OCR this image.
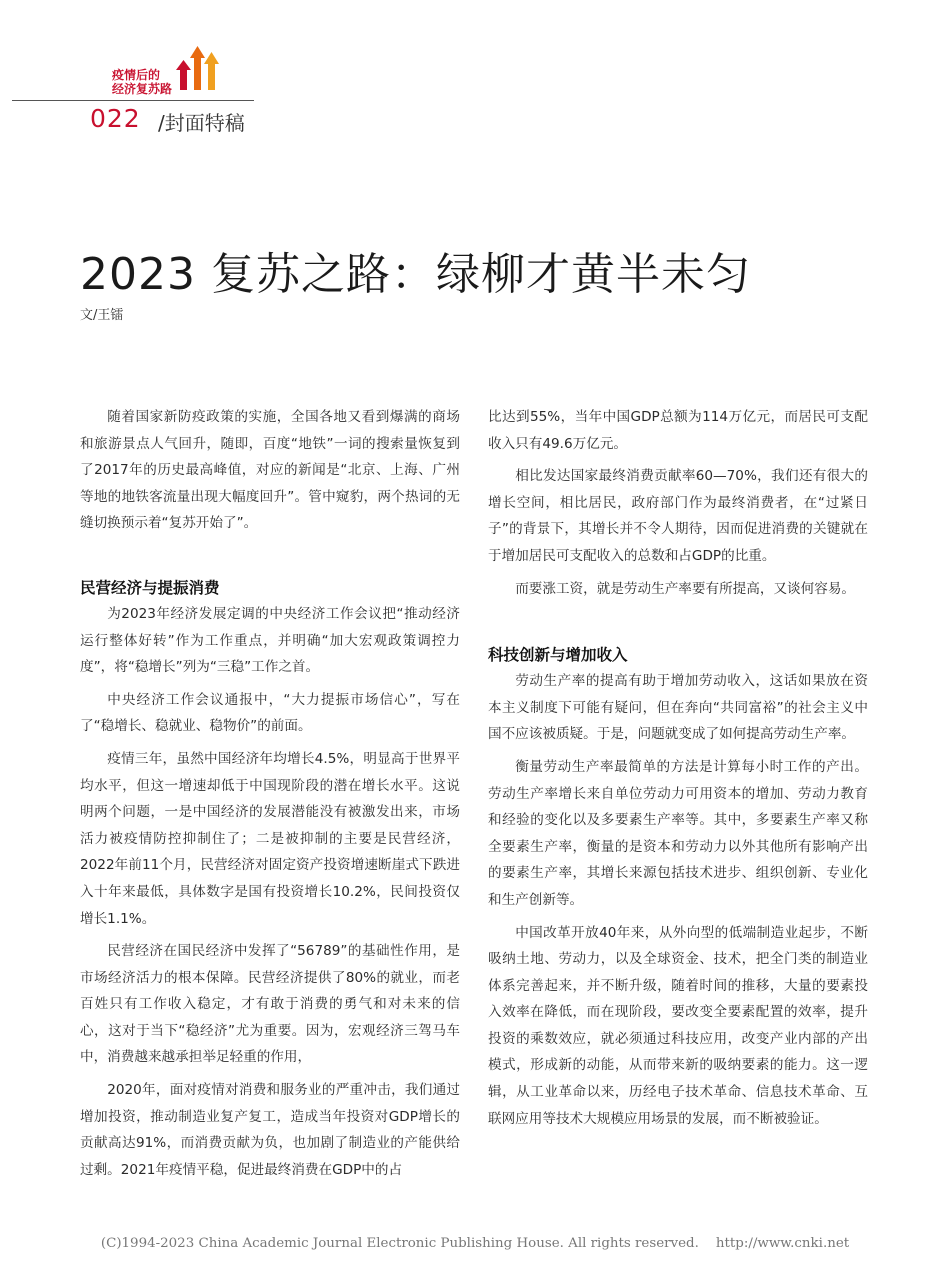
疫情后的
经济复苏路
022 /封面特稿
2023 复苏之路：绿柳才黄半未匀
文/王镭

随着国家新防疫政策的实施，全国各地又看到爆满的商场和旅游景点人气回升，随即，百度“地铁”一词的搜索量恢复到了2017年的历史最高峰值，对应的新闻是“北京、上海、广州等地的地铁客流量出现大幅度回升”。管中窥豹，两个热词的无缝切换预示着“复苏开始了”。

民营经济与提振消费

为2023年经济发展定调的中央经济工作会议把“推动经济运行整体好转”作为工作重点，并明确“加大宏观政策调控力度”，将“稳增长”列为“三稳”工作之首。

中央经济工作会议通报中，“大力提振市场信心”，写在了“稳增长、稳就业、稳物价”的前面。

疫情三年，虽然中国经济年均增长4.5%，明显高于世界平均水平，但这一增速却低于中国现阶段的潜在增长水平。这说明两个问题，一是中国经济的发展潜能没有被激发出来，市场活力被疫情防控抑制住了；二是被抑制的主要是民营经济，2022年前11个月，民营经济对固定资产投资增速断崖式下跌进入十年来最低，具体数字是国有投资增长10.2%，民间投资仅增长1.1%。

民营经济在国民经济中发挥了“56789”的基础性作用，是市场经济活力的根本保障。民营经济提供了80%的就业，而老百姓只有工作收入稳定，才有敢于消费的勇气和对未来的信心，这对于当下“稳经济”尤为重要。因为，宏观经济三驾马车中，消费越来越承担举足轻重的作用，

2020年，面对疫情对消费和服务业的严重冲击，我们通过增加投资，推动制造业复产复工，造成当年投资对GDP增长的贡献高达91%，而消费贡献为负，也加剧了制造业的产能供给过剩。2021年疫情平稳，促进最终消费在GDP中的占

比达到55%，当年中国GDP总额为114万亿元，而居民可支配收入只有49.6万亿元。

相比发达国家最终消费贡献率60—70%，我们还有很大的增长空间，相比居民，政府部门作为最终消费者，在“过紧日子”的背景下，其增长并不令人期待，因而促进消费的关键就在于增加居民可支配收入的总数和占GDP的比重。

而要涨工资，就是劳动生产率要有所提高，又谈何容易。

科技创新与增加收入

劳动生产率的提高有助于增加劳动收入，这话如果放在资本主义制度下可能有疑问，但在奔向“共同富裕”的社会主义中国不应该被质疑。于是，问题就变成了如何提高劳动生产率。

衡量劳动生产率最简单的方法是计算每小时工作的产出。劳动生产率增长来自单位劳动力可用资本的增加、劳动力教育和经验的变化以及多要素生产率等。其中，多要素生产率又称全要素生产率，衡量的是资本和劳动力以外其他所有影响产出的要素生产率，其增长来源包括技术进步、组织创新、专业化和生产创新等。

中国改革开放40年来，从外向型的低端制造业起步，不断吸纳土地、劳动力，以及全球资金、技术，把全门类的制造业体系完善起来，并不断升级，随着时间的推移，大量的要素投入效率在降低，而在现阶段，要改变全要素配置的效率，提升投资的乘数效应，就必须通过科技应用，改变产业内部的产出模式，形成新的动能，从而带来新的吸纳要素的能力。这一逻辑，从工业革命以来，历经电子技术革命、信息技术革命、互联网应用等技术大规模应用场景的发展，而不断被验证。

(C)1994-2023 China Academic Journal Electronic Publishing House. All rights reserved.    http://www.cnki.net
